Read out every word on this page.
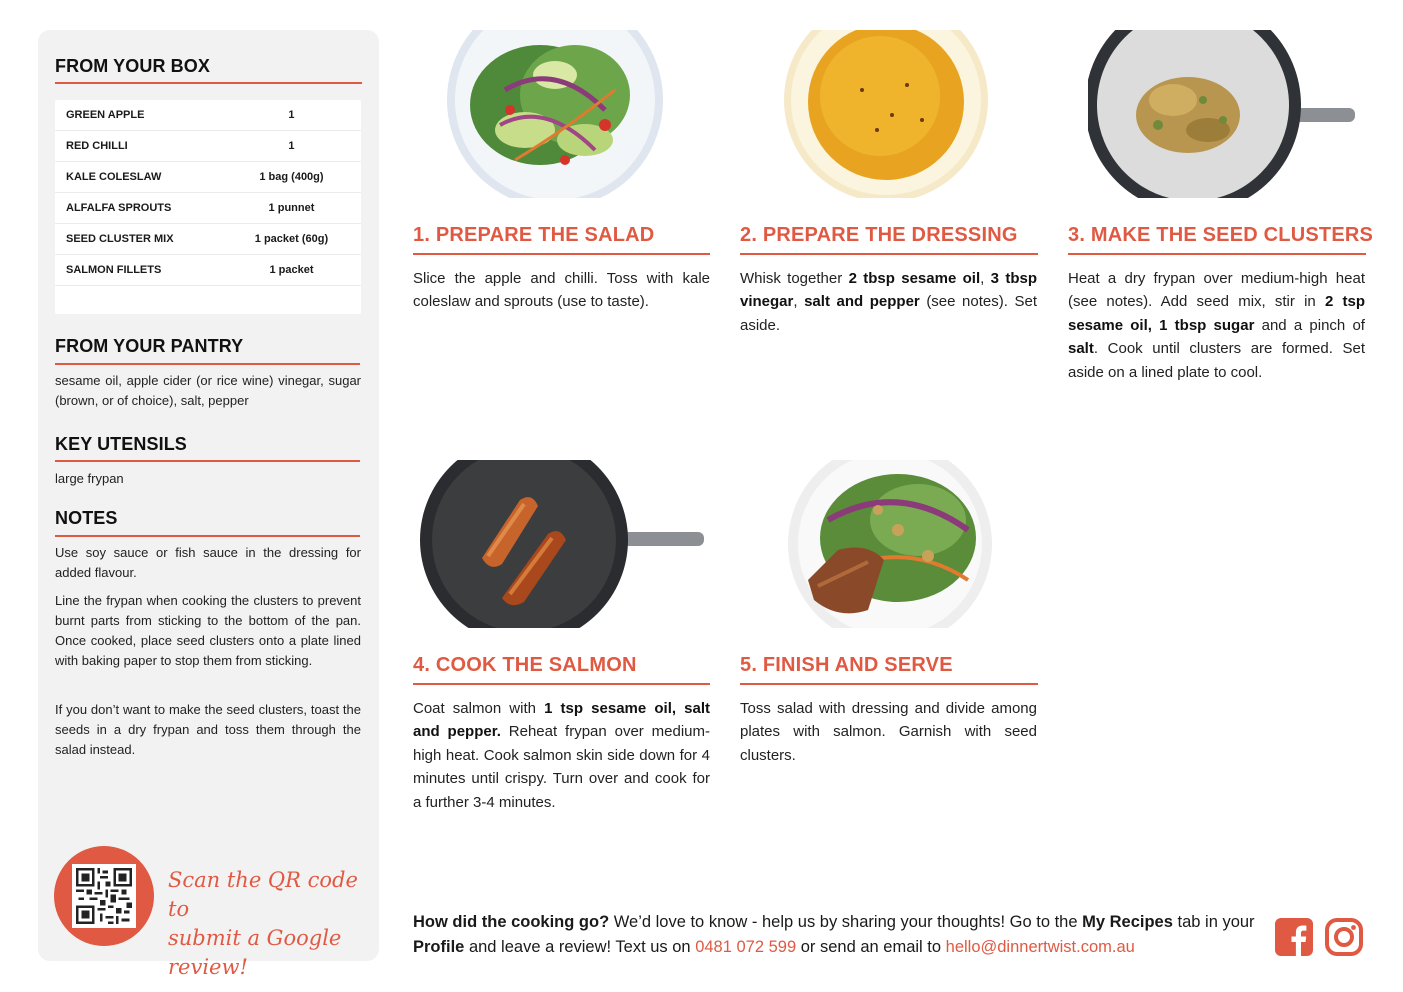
FROM YOUR BOX
GREEN APPLE	1
RED CHILLI	1
KALE COLESLAW	1 bag (400g)
ALFALFA SPROUTS	1 punnet
SEED CLUSTER MIX	1 packet (60g)
SALMON FILLETS	1 packet
FROM YOUR PANTRY
sesame oil, apple cider (or rice wine) vinegar, sugar (brown, or of choice), salt, pepper
KEY UTENSILS
large frypan
NOTES
Use soy sauce or fish sauce in the dressing for added flavour.
Line the frypan when cooking the clusters to prevent burnt parts from sticking to the bottom of the pan. Once cooked, place seed clusters onto a plate lined with baking paper to stop them from sticking.
If you don’t want to make the seed clusters, toast the seeds in a dry frypan and toss them through the salad instead.
Scan the QR code to
submit a Google review!
1. PREPARE THE SALAD
Slice the apple and chilli. Toss with kale coleslaw and sprouts (use to taste).
2. PREPARE THE DRESSING
Whisk together 2 tbsp sesame oil, 3 tbsp vinegar, salt and pepper (see notes). Set aside.
3. MAKE THE SEED CLUSTERS
Heat a dry frypan over medium-high heat (see notes). Add seed mix, stir in 2 tsp sesame oil, 1 tbsp sugar and a pinch of salt. Cook until clusters are formed. Set aside on a lined plate to cool.
4. COOK THE SALMON
Coat salmon with 1 tsp sesame oil, salt and pepper. Reheat frypan over medium-high heat. Cook salmon skin side down for 4 minutes until crispy. Turn over and cook for a further 3-4 minutes.
5. FINISH AND SERVE
Toss salad with dressing and divide among plates with salmon. Garnish with seed clusters.
How did the cooking go? We’d love to know - help us by sharing your thoughts! Go to the My Recipes tab in your Profile and leave a review! Text us on 0481 072 599 or send an email to hello@dinnertwist.com.au
